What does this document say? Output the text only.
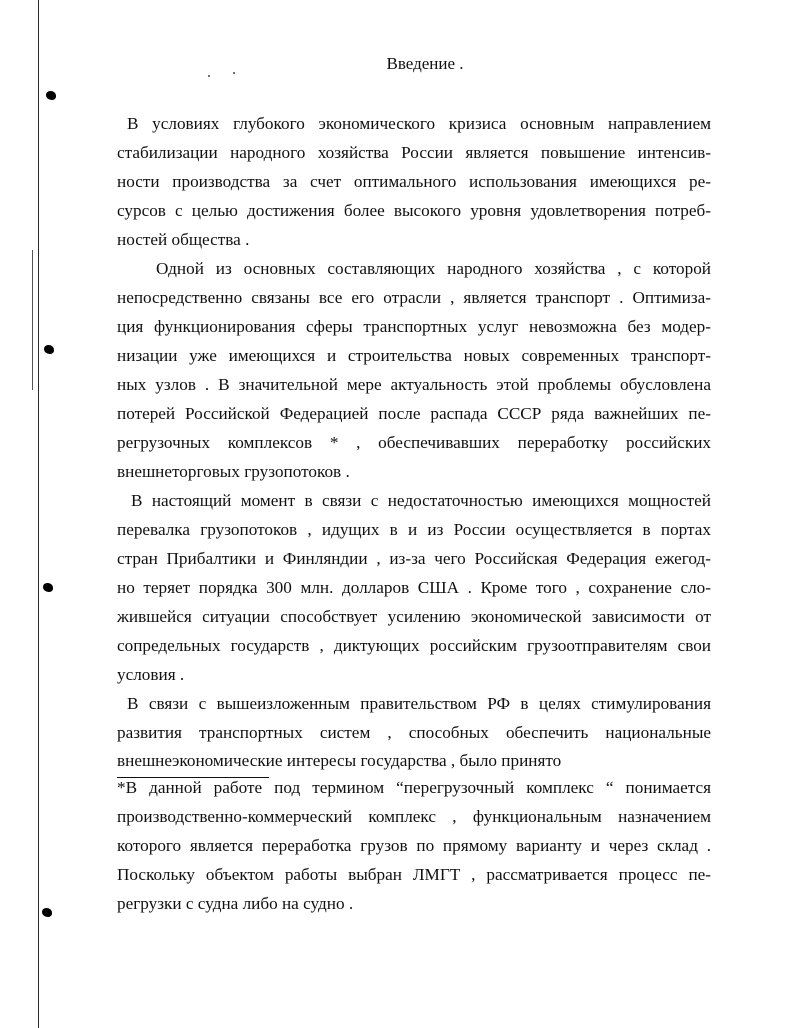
Введение .
В условиях глубокого экономического кризиса основным направлением
стабилизации народного хозяйства России является повышение интенсив-
ности производства за счет оптимального использования имеющихся ре-
сурсов с целью достижения более высокого уровня удовлетворения потреб-
ностей общества .
Одной из основных составляющих народного хозяйства , с которой
непосредственно связаны все его отрасли , является транспорт . Оптимиза-
ция функционирования сферы транспортных услуг невозможна без модер-
низации уже имеющихся и строительства новых современных транспорт-
ных узлов . В значительной мере актуальность этой проблемы обусловлена
потерей Российской Федерацией после распада СССР ряда важнейших пе-
регрузочных комплексов * , обеспечивавших переработку российских
внешнеторговых грузопотоков .
В настоящий момент в связи с недостаточностью имеющихся мощностей
перевалка грузопотоков , идущих в и из России осуществляется в портах
стран Прибалтики и Финляндии , из-за чего Российская Федерация ежегод-
но теряет порядка 300 млн. долларов США . Кроме того , сохранение сло-
жившейся ситуации способствует усилению экономической зависимости от
сопредельных государств , диктующих российским грузоотправителям свои
условия .
В связи с вышеизложенным правительством РФ в целях стимулирования
развития транспортных систем , способных обеспечить национальные
внешнеэкономические интересы государства , было принято
*В данной работе под термином “перегрузочный комплекс “ понимается
производственно-коммерческий комплекс , функциональным назначением
которого является переработка грузов по прямому варианту и через склад .
Поскольку объектом работы выбран ЛМГТ , рассматривается процесс пе-
регрузки с судна либо на судно .
